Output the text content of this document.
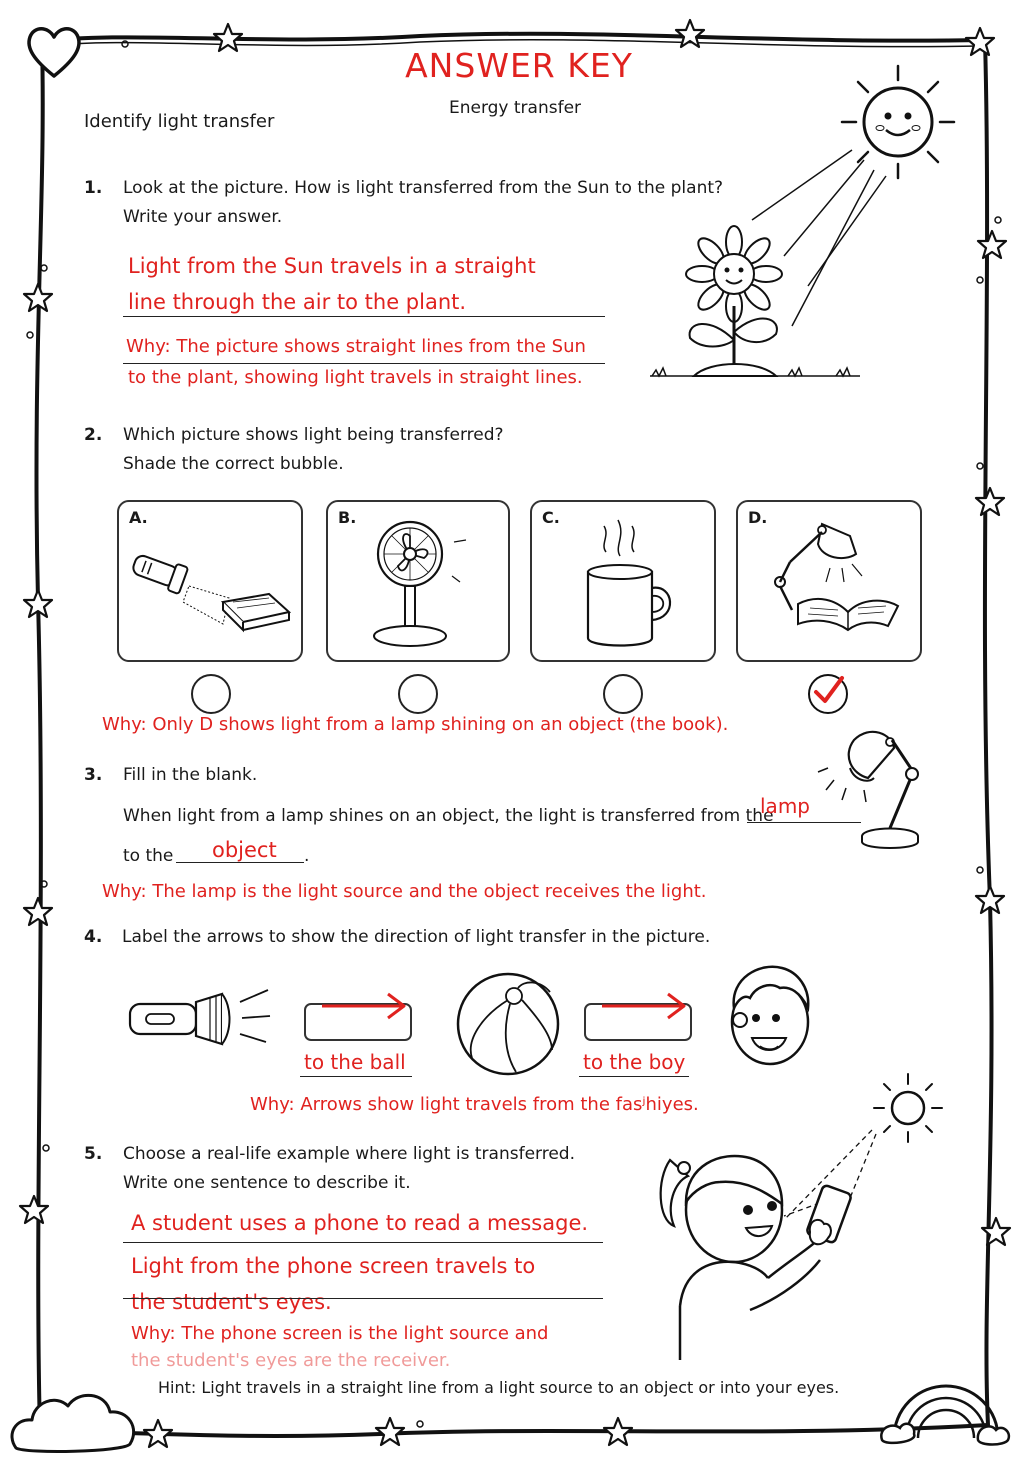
ANSWER KEY
Energy transfer
Identify light transfer
1. Look at the picture. How is light transferred from the Sun to the plant?
Write your answer.
Light from the Sun travels in a straight
line through the air to the plant.
Why: The picture shows straight lines from the Sun
to the plant, showing light travels in straight lines.
2. Which picture shows light being transferred?
Shade the correct bubble.
A.	B.	C.	D.
Why: Only D shows light from a lamp shining on an object (the book).
3. Fill in the blank.
When light from a lamp shines on an object, the light is transferred from the
lamp
to the object .
Why: The lamp is the light source and the object receives the light.
4. Label the arrows to show the direction of light transfer in the picture.
to the ball	to the boy
Why: Arrows show light travels from the fasʲhiyes.
5. Choose a real-life example where light is transferred.
Write one sentence to describe it.
A student uses a phone to read a message.
Light from the phone screen travels to
the student's eyes.
Why: The phone screen is the light source and
the student's eyes are the receiver.
Hint: Light travels in a straight line from a light source to an object or into your eyes.
